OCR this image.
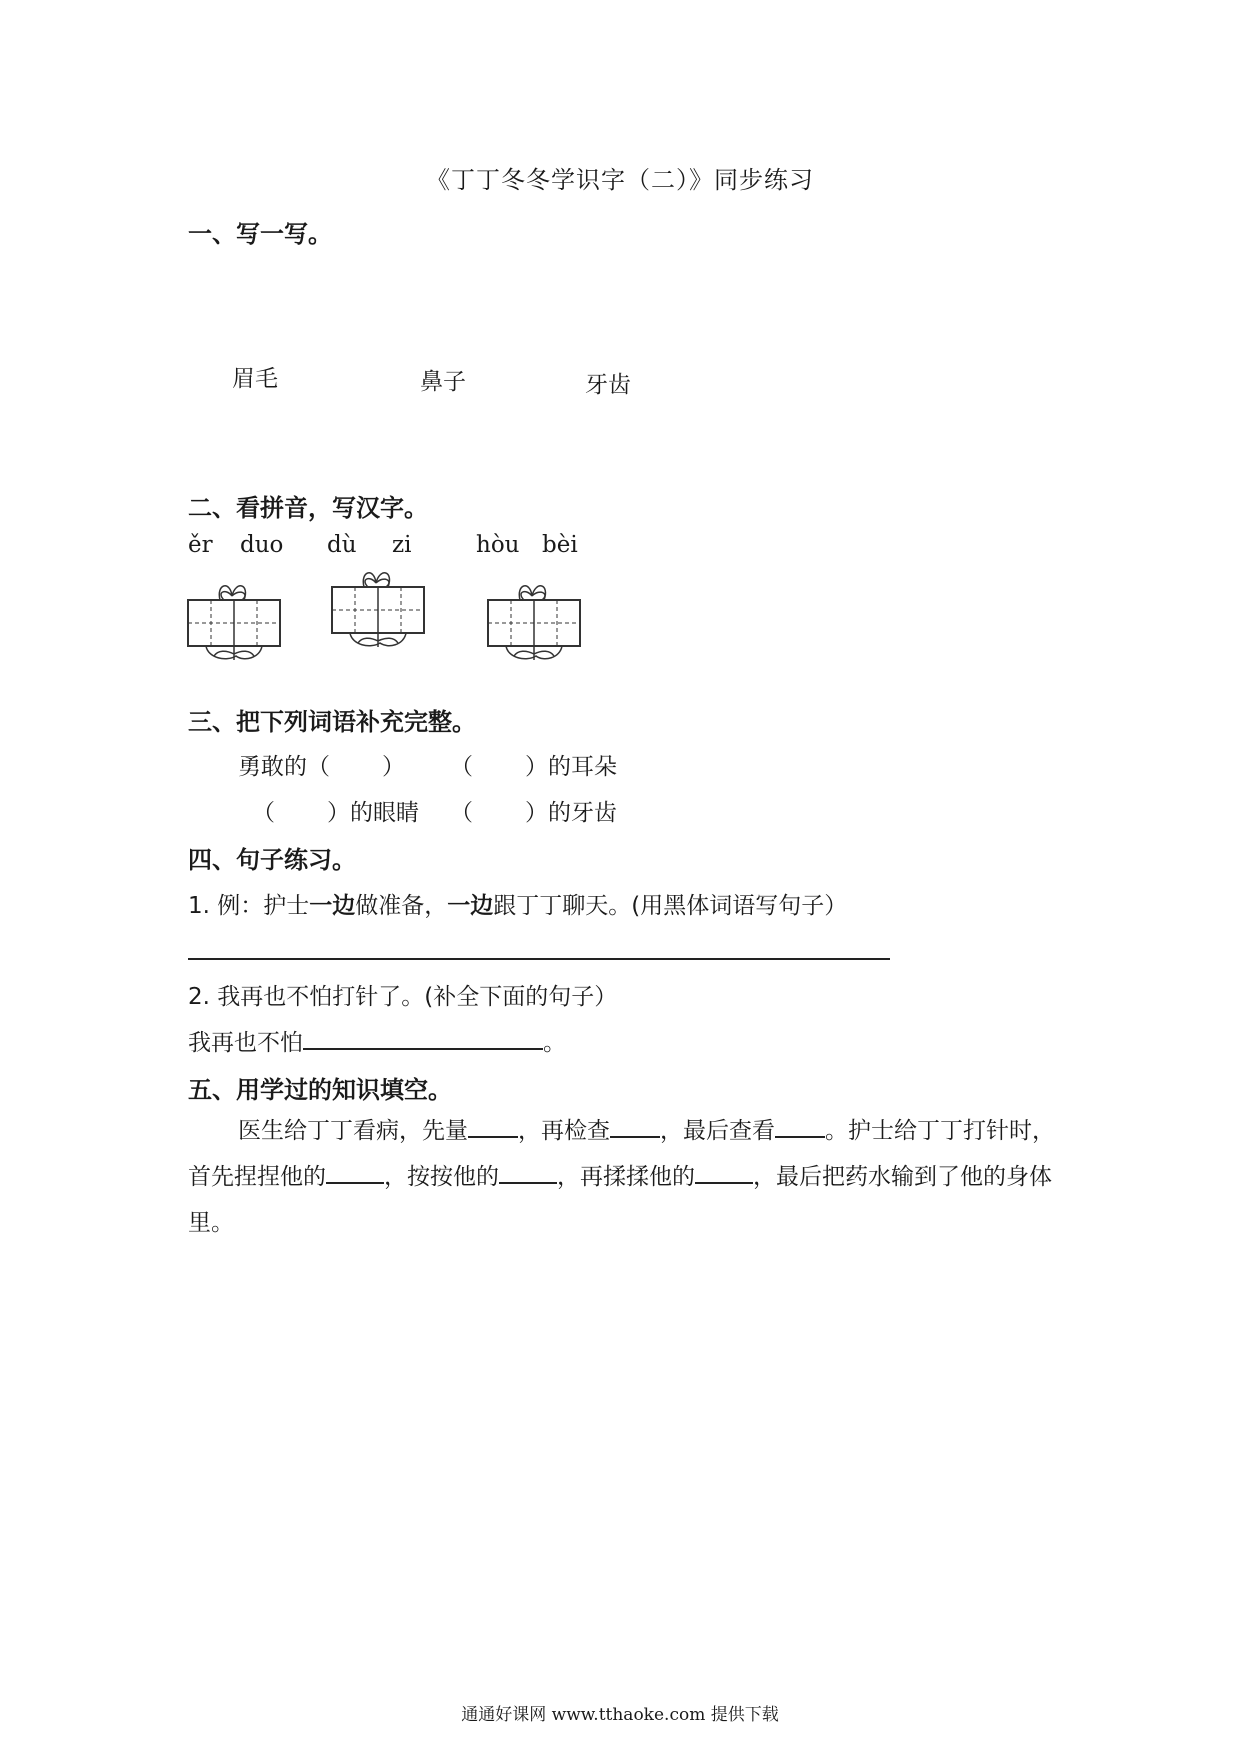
《丁丁冬冬学识字（二）》同步练习
一、写一写。
眉毛	鼻子	牙齿
二、看拼音，写汉字。
ěr duo dù zi	hòu bèi
三、把下列词语补充完整。
勇敢的（ ） （ ）的耳朵
（ ）的眼睛 （ ）的牙齿
四、句子练习。
1. 例：护士一边做准备，一边跟丁丁聊天。(用黑体词语写句子）
2. 我再也不怕打针了。(补全下面的句子）
我再也不怕	。
五、用学过的知识填空。
医生给丁丁看病，先量 ，再检查 ，最后查看 。护士给丁丁打针时，首先捏捏他的	，按按他的	，再揉揉他的	，最后把药水输到了他的身体里。
通通好课网 www.tthaoke.com 提供下载
